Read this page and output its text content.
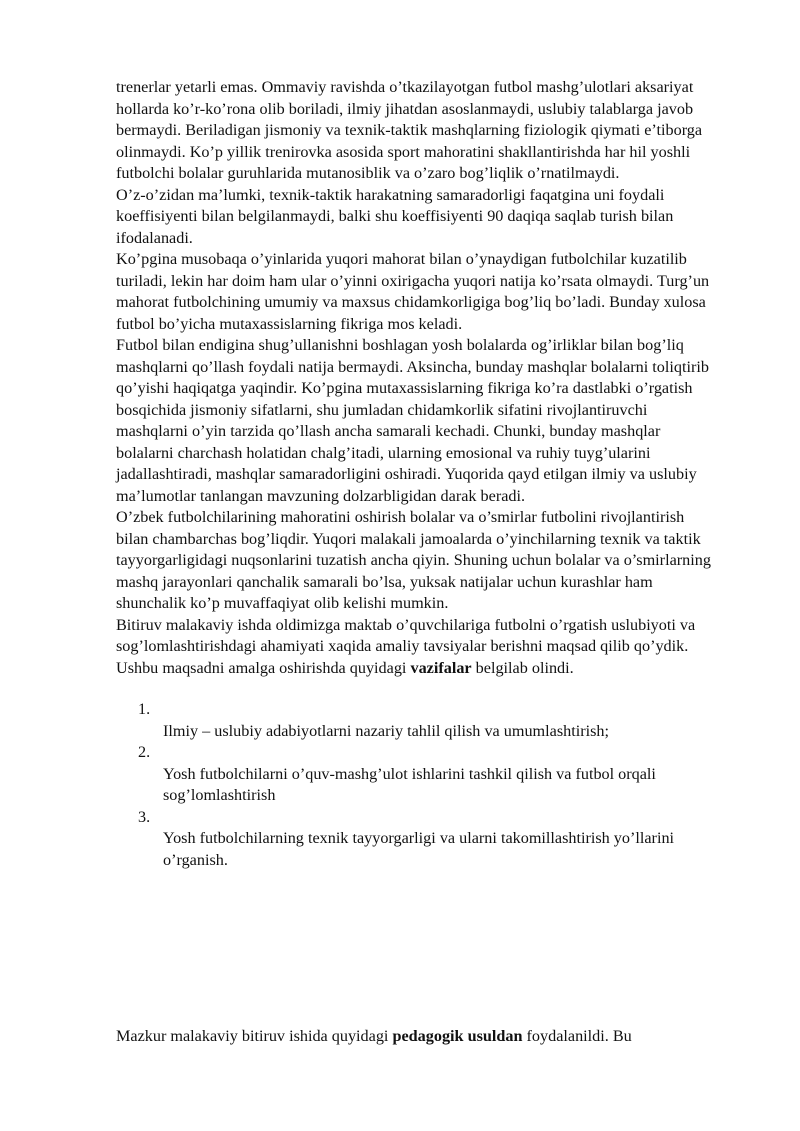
trenerlar yetarli emas. Ommaviy ravishda o’tkazilayotgan futbol mashg’ulotlari aksariyat hollarda ko’r-ko’rona olib boriladi, ilmiy jihatdan asoslanmaydi, uslubiy talablarga javob bermaydi. Beriladigan jismoniy va texnik-taktik mashqlarning fiziologik qiymati e’tiborga olinmaydi. Ko’p yillik trenirovka asosida sport mahoratini shakllantirishda har hil yoshli futbolchi bolalar guruhlarida mutanosiblik va o’zaro bog’liqlik o’rnatilmaydi.

O’z-o’zidan ma’lumki, texnik-taktik harakatning samaradorligi faqatgina uni foydali koeffisiyenti bilan belgilanmaydi, balki shu koeffisiyenti 90 daqiqa saqlab turish bilan ifodalanadi.

Ko’pgina musobaqa o’yinlarida yuqori mahorat bilan o’ynaydigan futbolchilar kuzatilib turiladi, lekin har doim ham ular o’yinni oxirigacha yuqori natija ko’rsata olmaydi. Turg’un mahorat futbolchining umumiy va maxsus chidamkorligiga bog’liq bo’ladi. Bunday xulosa futbol bo’yicha mutaxassislarning fikriga mos keladi.

Futbol bilan endigina shug’ullanishni boshlagan yosh bolalarda og’irliklar bilan bog’liq mashqlarni qo’llash foydali natija bermaydi. Aksincha, bunday mashqlar bolalarni toliqtirib qo’yishi haqiqatga yaqindir. Ko’pgina mutaxassislarning fikriga ko’ra dastlabki o’rgatish bosqichida jismoniy sifatlarni, shu jumladan chidamkorlik sifatini rivojlantiruvchi mashqlarni o’yin tarzida qo’llash ancha samarali kechadi. Chunki, bunday mashqlar bolalarni charchash holatidan chalg’itadi, ularning emosional va ruhiy tuyg’ularini jadallashtiradi, mashqlar samaradorligini oshiradi. Yuqorida qayd etilgan ilmiy va uslubiy ma’lumotlar tanlangan mavzuning dolzarbligidan darak beradi.

O’zbek futbolchilarining mahoratini oshirish bolalar va o’smirlar futbolini rivojlantirish bilan chambarchas bog’liqdir. Yuqori malakali jamoalarda o’yinchilarning texnik va taktik tayyorgarligidagi nuqsonlarini tuzatish ancha qiyin. Shuning uchun bolalar va o’smirlarning mashq jarayonlari qanchalik samarali bo’lsa, yuksak natijalar uchun kurashlar ham shunchalik ko’p muvaffaqiyat olib kelishi mumkin.

Bitiruv malakaviy ishda oldimizga maktab o’quvchilariga futbolni o’rgatish uslubiyoti va sog’lomlashtirishdagi ahamiyati xaqida amaliy tavsiyalar berishni maqsad qilib qo’ydik.

Ushbu maqsadni amalga oshirishda quyidagi vazifalar belgilab olindi.

1.
Ilmiy – uslubiy adabiyotlarni nazariy tahlil qilish va umumlashtirish;
2.
Yosh futbolchilarni o’quv-mashg’ulot ishlarini tashkil qilish va futbol orqali sog’lomlashtirish
3.
Yosh futbolchilarning texnik tayyorgarligi va ularni takomillashtirish yo’llarini o’rganish.

Mazkur malakaviy bitiruv ishida quyidagi pedagogik usuldan foydalanildi. Bu
